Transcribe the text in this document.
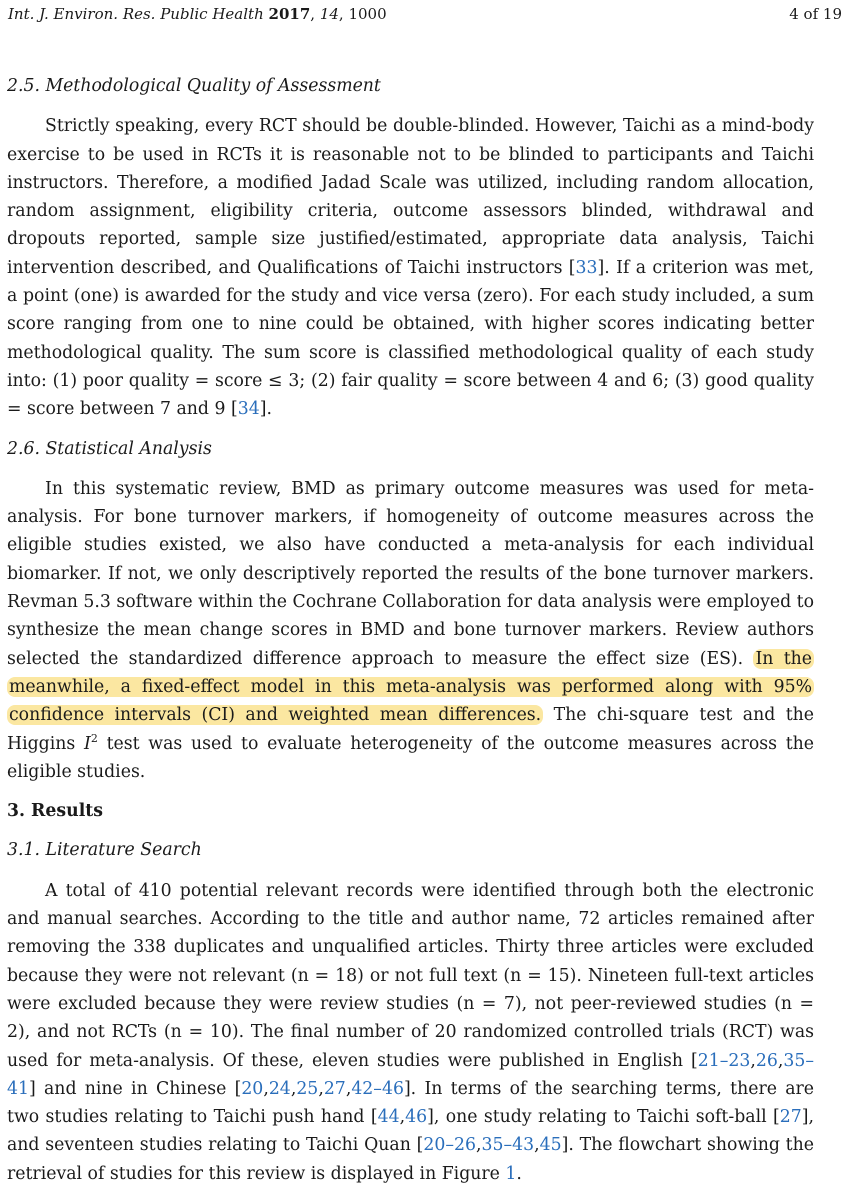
Int. J. Environ. Res. Public Health 2017, 14, 1000	4 of 19
2.5. Methodological Quality of Assessment

Strictly speaking, every RCT should be double-blinded. However, Taichi as a mind-body exercise to be used in RCTs it is reasonable not to be blinded to participants and Taichi instructors. Therefore, a modified Jadad Scale was utilized, including random allocation, random assignment, eligibility criteria, outcome assessors blinded, withdrawal and dropouts reported, sample size justified/estimated, appropriate data analysis, Taichi intervention described, and Qualifications of Taichi instructors [33]. If a criterion was met, a point (one) is awarded for the study and vice versa (zero). For each study included, a sum score ranging from one to nine could be obtained, with higher scores indicating better methodological quality. The sum score is classified methodological quality of each study into: (1) poor quality = score ≤ 3; (2) fair quality = score between 4 and 6; (3) good quality = score between 7 and 9 [34].

2.6. Statistical Analysis

In this systematic review, BMD as primary outcome measures was used for meta-analysis. For bone turnover markers, if homogeneity of outcome measures across the eligible studies existed, we also have conducted a meta-analysis for each individual biomarker. If not, we only descriptively reported the results of the bone turnover markers. Revman 5.3 software within the Cochrane Collaboration for data analysis were employed to synthesize the mean change scores in BMD and bone turnover markers. Review authors selected the standardized difference approach to measure the effect size (ES). In the meanwhile, a fixed-effect model in this meta-analysis was performed along with 95% confidence intervals (CI) and weighted mean differences. The chi-square test and the Higgins $I^2$ test was used to evaluate heterogeneity of the outcome measures across the eligible studies.

3. Results
3.1. Literature Search

A total of 410 potential relevant records were identified through both the electronic and manual searches. According to the title and author name, 72 articles remained after removing the 338 duplicates and unqualified articles. Thirty three articles were excluded because they were not relevant (n = 18) or not full text (n = 15). Nineteen full-text articles were excluded because they were review studies (n = 7), not peer-reviewed studies (n = 2), and not RCTs (n = 10). The final number of 20 randomized controlled trials (RCT) was used for meta-analysis. Of these, eleven studies were published in English [21–23,26,35–41] and nine in Chinese [20,24,25,27,42–46]. In terms of the searching terms, there are two studies relating to Taichi push hand [44,46], one study relating to Taichi soft-ball [27], and seventeen studies relating to Taichi Quan [20–26,35–43,45]. The flowchart showing the retrieval of studies for this review is displayed in Figure 1.
